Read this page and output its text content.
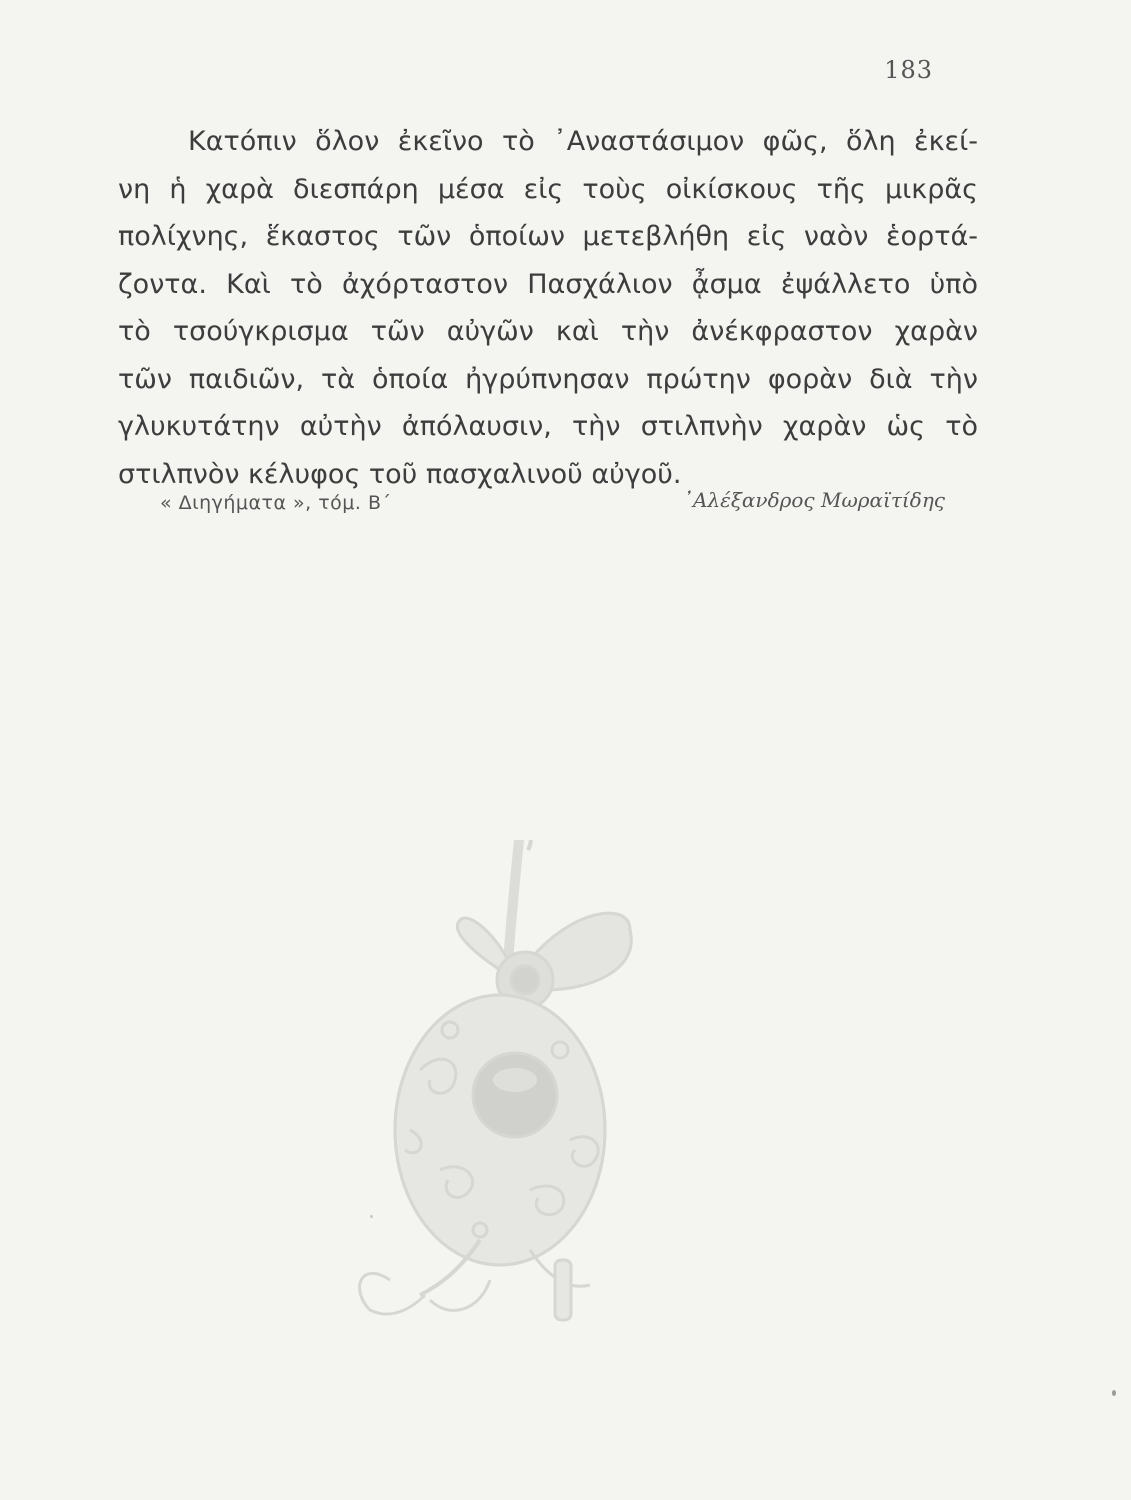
183
Κατόπιν ὅλον ἐκεῖνο τὸ ᾿Αναστάσιμον φῶς, ὅλη ἐκεί-
νη ἡ χαρὰ διεσπάρη μέσα εἰς τοὺς οἰκίσκους τῆς μικρᾶς
πολίχνης, ἕκαστος τῶν ὁποίων μετεβλήθη εἰς ναὸν ἑορτά-
ζοντα. Καὶ τὸ ἀχόρταστον Πασχάλιον ᾆσμα ἐψάλλετο ὑπὸ
τὸ τσούγκρισμα τῶν αὐγῶν καὶ τὴν ἀνέκφραστον χαρὰν
τῶν παιδιῶν, τὰ ὁποία ἠγρύπνησαν πρώτην φορὰν διὰ τὴν
γλυκυτάτην αὐτὴν ἀπόλαυσιν, τὴν στιλπνὴν χαρὰν ὡς τὸ
στιλπνὸν κέλυφος τοῦ πασχαλινοῦ αὐγοῦ.
« Διηγήματα », τόμ. Β΄	᾿Αλέξανδρος Μωραϊτίδης
